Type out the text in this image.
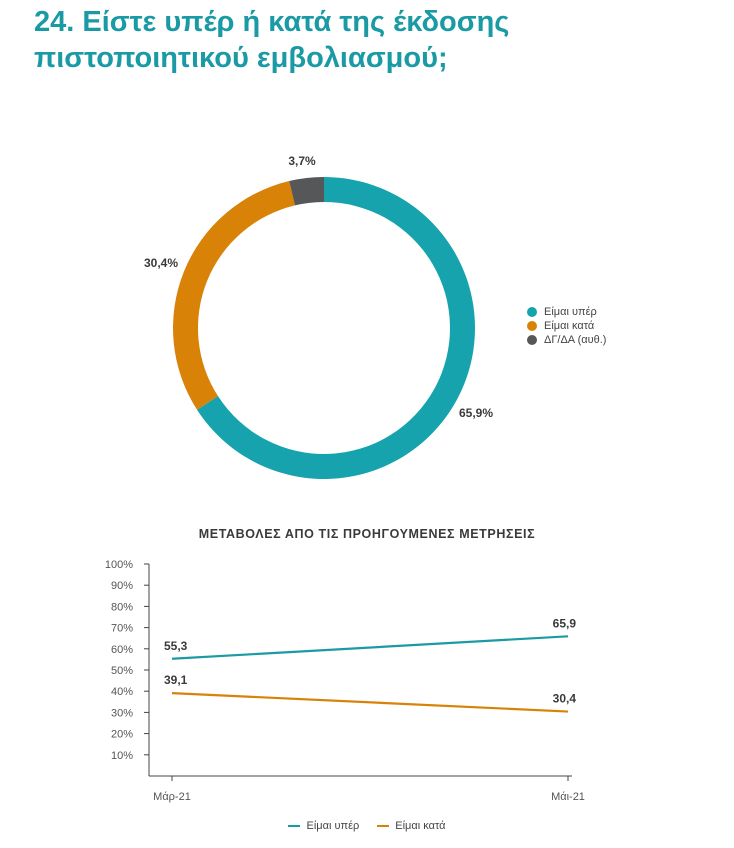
24. Είστε υπέρ ή κατά της έκδοσης
πιστοποιητικού εμβολιασμού;
65,9%
30,4%
3,7%
Είμαι υπέρ
Είμαι κατά
ΔΓ/ΔΑ (αυθ.)
ΜΕΤΑΒΟΛΕΣ ΑΠΟ ΤΙΣ ΠΡΟΗΓΟΥΜΕΝΕΣ ΜΕΤΡΗΣΕΙΣ
100%
90%
80%
70%
60%
50%
40%
30%
20%
10%
Μάρ-21	Μάι-21
55,3
65,9
39,1
30,4
Είμαι υπέρ	Είμαι κατά
